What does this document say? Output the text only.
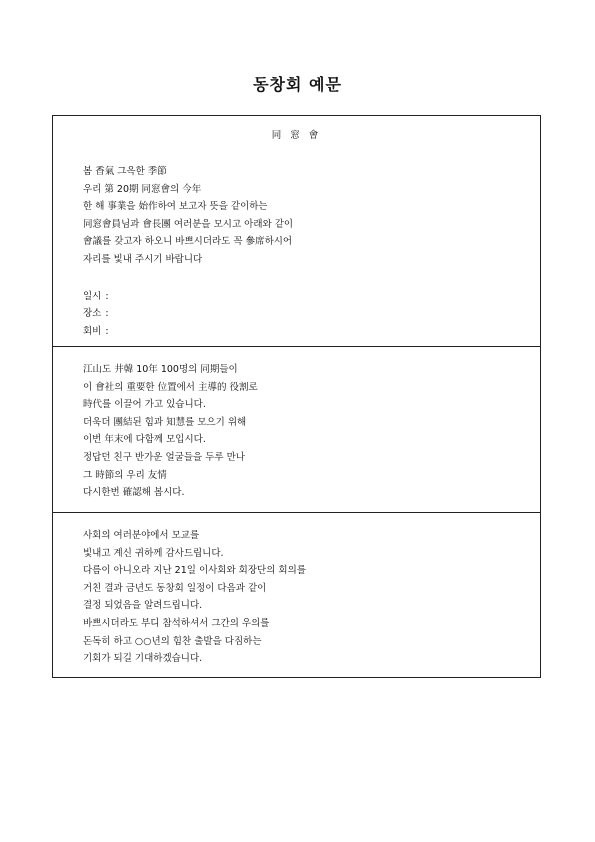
동창회 예문
同 窓 會
봄 香氣 그윽한 季節
우리 第 20期 同窓會의 今年
한 해 事業을 始作하여 보고자 뜻을 같이하는
同窓會員님과 會長團 여러분을 모시고 아래와 같이
會議를 갖고자 하오니 바쁘시더라도 꼭 參席하시어
자리를 빛내 주시기 바랍니다
일시 :
장소 :
회비 :
江山도 井韓 10年 100명의 同期들이
이 會社의 重要한 位置에서 主導的 役割로
時代를 이끌어 가고 있습니다.
더욱더 團結된 힘과 知慧를 모으기 위해
이번 年末에 다함께 모입시다.
정답던 친구 반가운 얼굴들을 두루 만나
그 時節의 우리 友情
다시한번 確認해 봅시다.
사회의 여러분야에서 모교를
빛내고 계신 귀하께 감사드립니다.
다름이 아니오라 지난 21일 이사회와 회장단의 회의를
거친 결과 금년도 동창회 일정이 다음과 같이
결정 되었음을 알려드립니다.
바쁘시더라도 부디 참석하셔서 그간의 우의를
돈독히 하고 ○○년의 힘찬 출발을 다짐하는
기회가 되길 기대하겠습니다.
